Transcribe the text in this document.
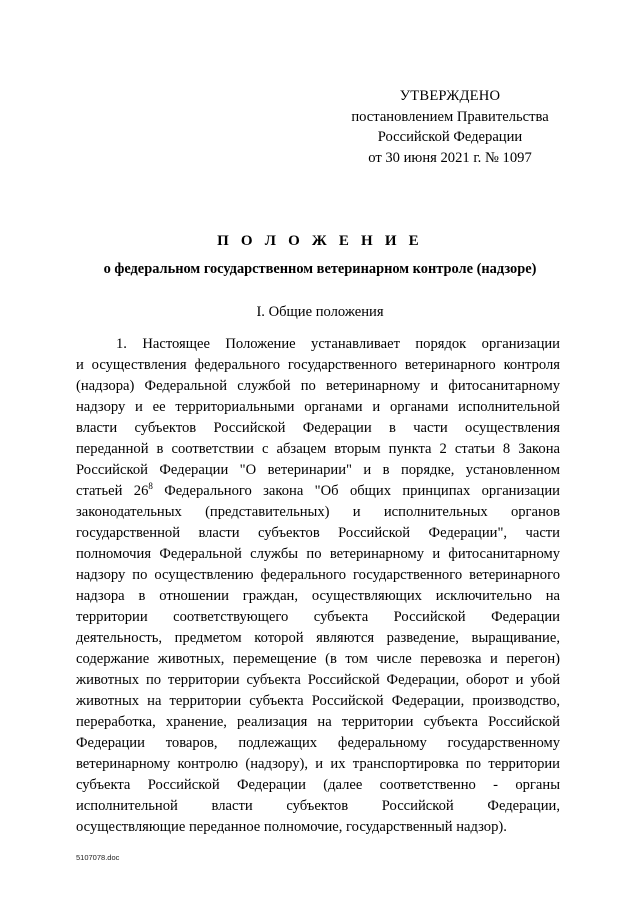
УТВЕРЖДЕНО
постановлением Правительства
Российской Федерации
от 30 июня 2021 г. № 1097
П О Л О Ж Е Н И Е
о федеральном государственном ветеринарном контроле (надзоре)
I. Общие положения
1. Настоящее Положение устанавливает порядок организации
и осуществления федерального государственного ветеринарного контроля
(надзора) Федеральной службой по ветеринарному и фитосанитарному
надзору и ее территориальными органами и органами исполнительной
власти субъектов Российской Федерации в части осуществления
переданной в соответствии с абзацем вторым пункта 2 статьи 8 Закона
Российской Федерации "О ветеринарии" и в порядке, установленном
статьей $26^8$ Федерального закона "Об общих принципах организации
законодательных (представительных) и исполнительных органов
государственной власти субъектов Российской Федерации", части
полномочия Федеральной службы по ветеринарному и фитосанитарному
надзору по осуществлению федерального государственного ветеринарного
надзора в отношении граждан, осуществляющих исключительно на
территории соответствующего субъекта Российской Федерации
деятельность, предметом которой являются разведение, выращивание,
содержание животных, перемещение (в том числе перевозка и перегон)
животных по территории субъекта Российской Федерации, оборот и убой
животных на территории субъекта Российской Федерации, производство,
переработка, хранение, реализация на территории субъекта Российской
Федерации товаров, подлежащих федеральному государственному
ветеринарному контролю (надзору), и их транспортировка по территории
субъекта Российской Федерации (далее соответственно - органы
исполнительной власти субъектов Российской Федерации,
осуществляющие переданное полномочие, государственный надзор).
5107078.doc
